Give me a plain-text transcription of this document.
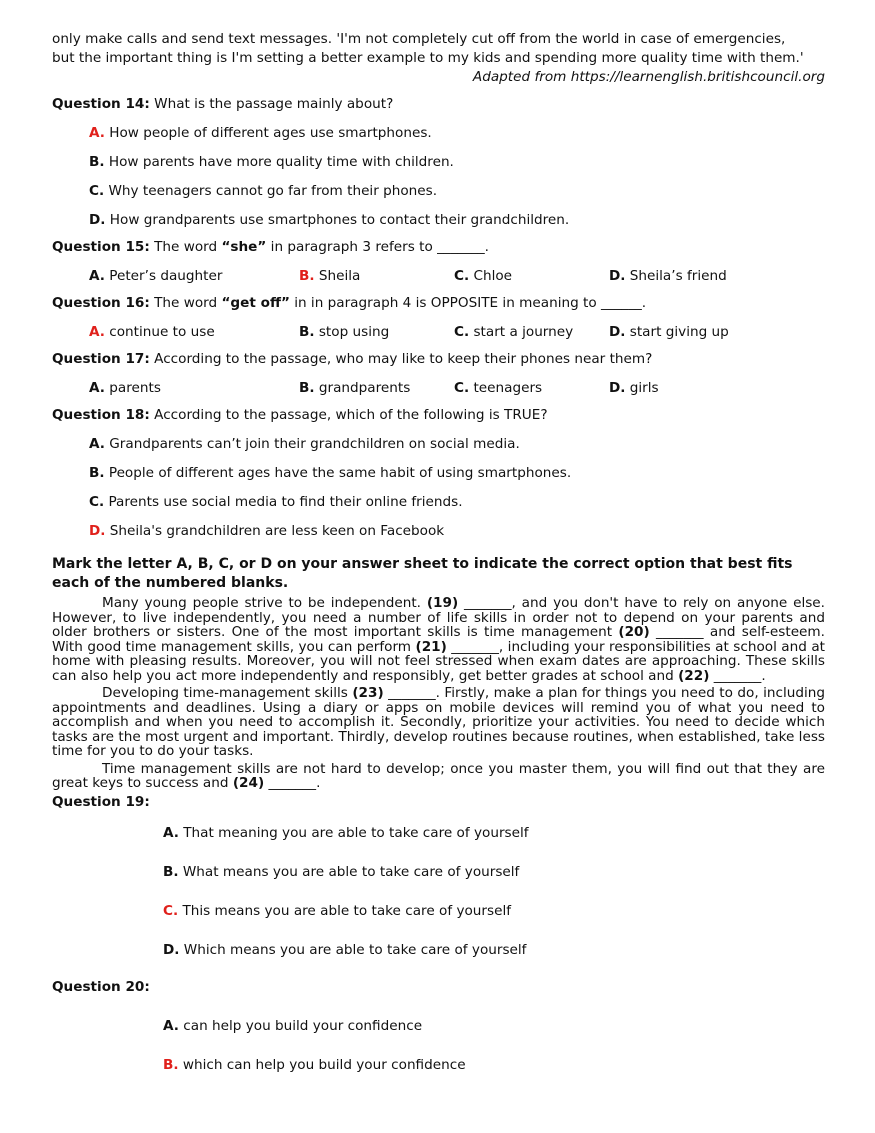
only make calls and send text messages. 'I'm not completely cut off from the world in case of emergencies,
but the important thing is I'm setting a better example to my kids and spending more quality time with them.'
Adapted from https://learnenglish.britishcouncil.org
Question 14: What is the passage mainly about?
A. How people of different ages use smartphones.
B. How parents have more quality time with children.
C. Why teenagers cannot go far from their phones.
D. How grandparents use smartphones to contact their grandchildren.
Question 15: The word “she” in paragraph 3 refers to _______.
A. Peter’s daughter	B. Sheila	C. Chloe	D. Sheila’s friend
Question 16: The word “get off” in in paragraph 4 is OPPOSITE in meaning to ______.
A. continue to use	B. stop using	C. start a journey	D. start giving up
Question 17: According to the passage, who may like to keep their phones near them?
A. parents	B. grandparents	C. teenagers	D. girls
Question 18: According to the passage, which of the following is TRUE?
A. Grandparents can’t join their grandchildren on social media.
B. People of different ages have the same habit of using smartphones.
C. Parents use social media to find their online friends.
D. Sheila's grandchildren are less keen on Facebook
Mark the letter A, B, C, or D on your answer sheet to indicate the correct option that best fits each of the numbered blanks.
Many young people strive to be independent. (19) _______, and you don't have to rely on anyone else. However, to live independently, you need a number of life skills in order not to depend on your parents and older brothers or sisters. One of the most important skills is time management (20) _______ and self-esteem. With good time management skills, you can perform (21) _______, including your responsibilities at school and at home with pleasing results. Moreover, you will not feel stressed when exam dates are approaching. These skills can also help you act more independently and responsibly, get better grades at school and (22) _______.
Developing time-management skills (23) _______. Firstly, make a plan for things you need to do, including appointments and deadlines. Using a diary or apps on mobile devices will remind you of what you need to accomplish and when you need to accomplish it. Secondly, prioritize your activities. You need to decide which tasks are the most urgent and important. Thirdly, develop routines because routines, when established, take less time for you to do your tasks.
Time management skills are not hard to develop; once you master them, you will find out that they are great keys to success and (24) _______.
Question 19:
A. That meaning you are able to take care of yourself
B. What means you are able to take care of yourself
C. This means you are able to take care of yourself
D. Which means you are able to take care of yourself
Question 20:
A. can help you build your confidence
B. which can help you build your confidence
